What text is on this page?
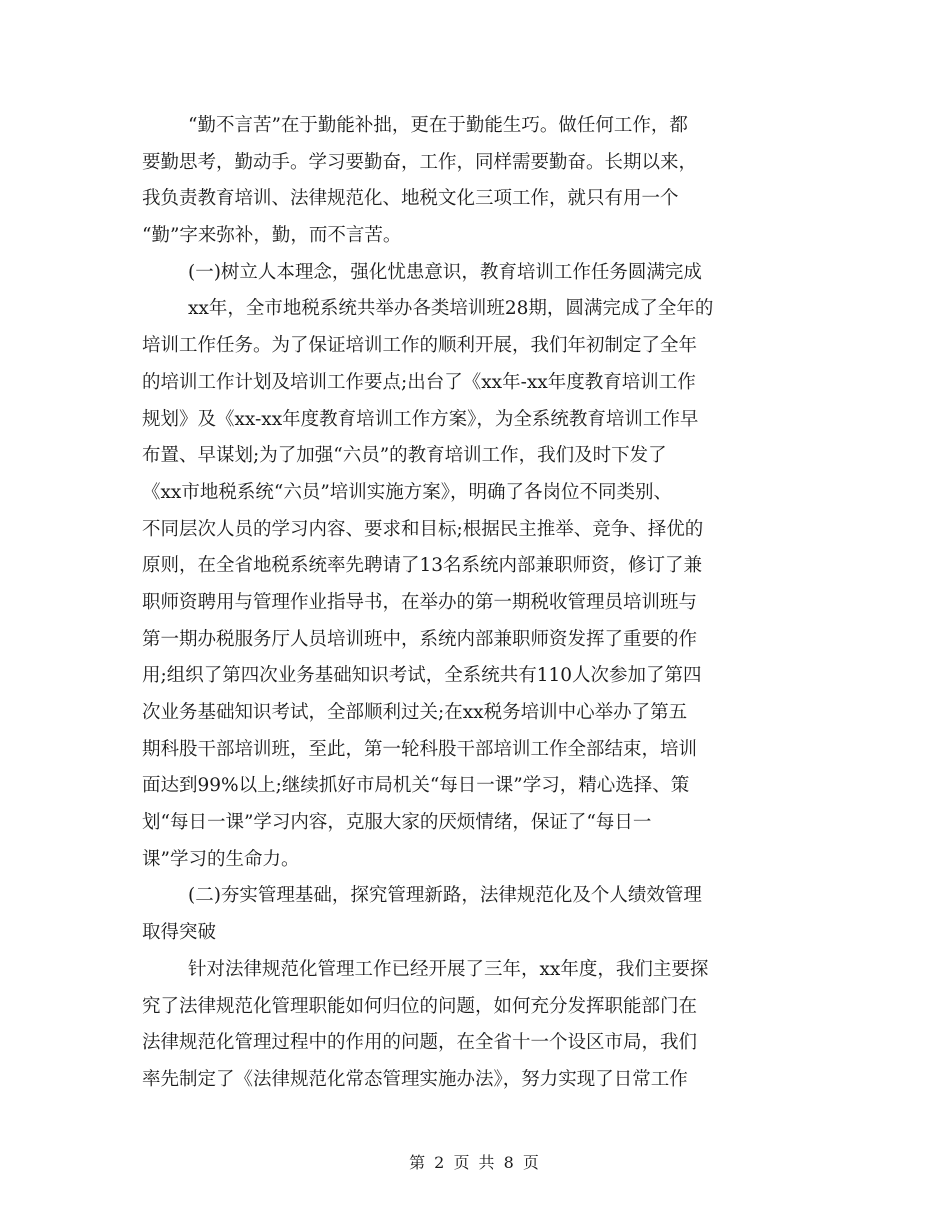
“勤不言苦”在于勤能补拙，更在于勤能生巧。做任何工作，都
要勤思考，勤动手。学习要勤奋，工作，同样需要勤奋。长期以来，
我负责教育培训、法律规范化、地税文化三项工作，就只有用一个
“勤”字来弥补，勤，而不言苦。
(一)树立人本理念，强化忧患意识，教育培训工作任务圆满完成
xx年，全市地税系统共举办各类培训班28期，圆满完成了全年的
培训工作任务。为了保证培训工作的顺利开展，我们年初制定了全年
的培训工作计划及培训工作要点;出台了《xx年-xx年度教育培训工作
规划》及《xx-xx年度教育培训工作方案》，为全系统教育培训工作早
布置、早谋划;为了加强“六员”的教育培训工作，我们及时下发了
《xx市地税系统“六员”培训实施方案》，明确了各岗位不同类别、
不同层次人员的学习内容、要求和目标;根据民主推举、竞争、择优的
原则，在全省地税系统率先聘请了13名系统内部兼职师资，修订了兼
职师资聘用与管理作业指导书，在举办的第一期税收管理员培训班与
第一期办税服务厅人员培训班中，系统内部兼职师资发挥了重要的作
用;组织了第四次业务基础知识考试，全系统共有110人次参加了第四
次业务基础知识考试，全部顺利过关;在xx税务培训中心举办了第五
期科股干部培训班，至此，第一轮科股干部培训工作全部结束，培训
面达到99%以上;继续抓好市局机关“每日一课”学习，精心选择、策
划“每日一课”学习内容，克服大家的厌烦情绪，保证了“每日一
课”学习的生命力。
(二)夯实管理基础，探究管理新路，法律规范化及个人绩效管理
取得突破
针对法律规范化管理工作已经开展了三年，xx年度，我们主要探
究了法律规范化管理职能如何归位的问题，如何充分发挥职能部门在
法律规范化管理过程中的作用的问题，在全省十一个设区市局，我们
率先制定了《法律规范化常态管理实施办法》，努力实现了日常工作
第 2 页 共 8 页
